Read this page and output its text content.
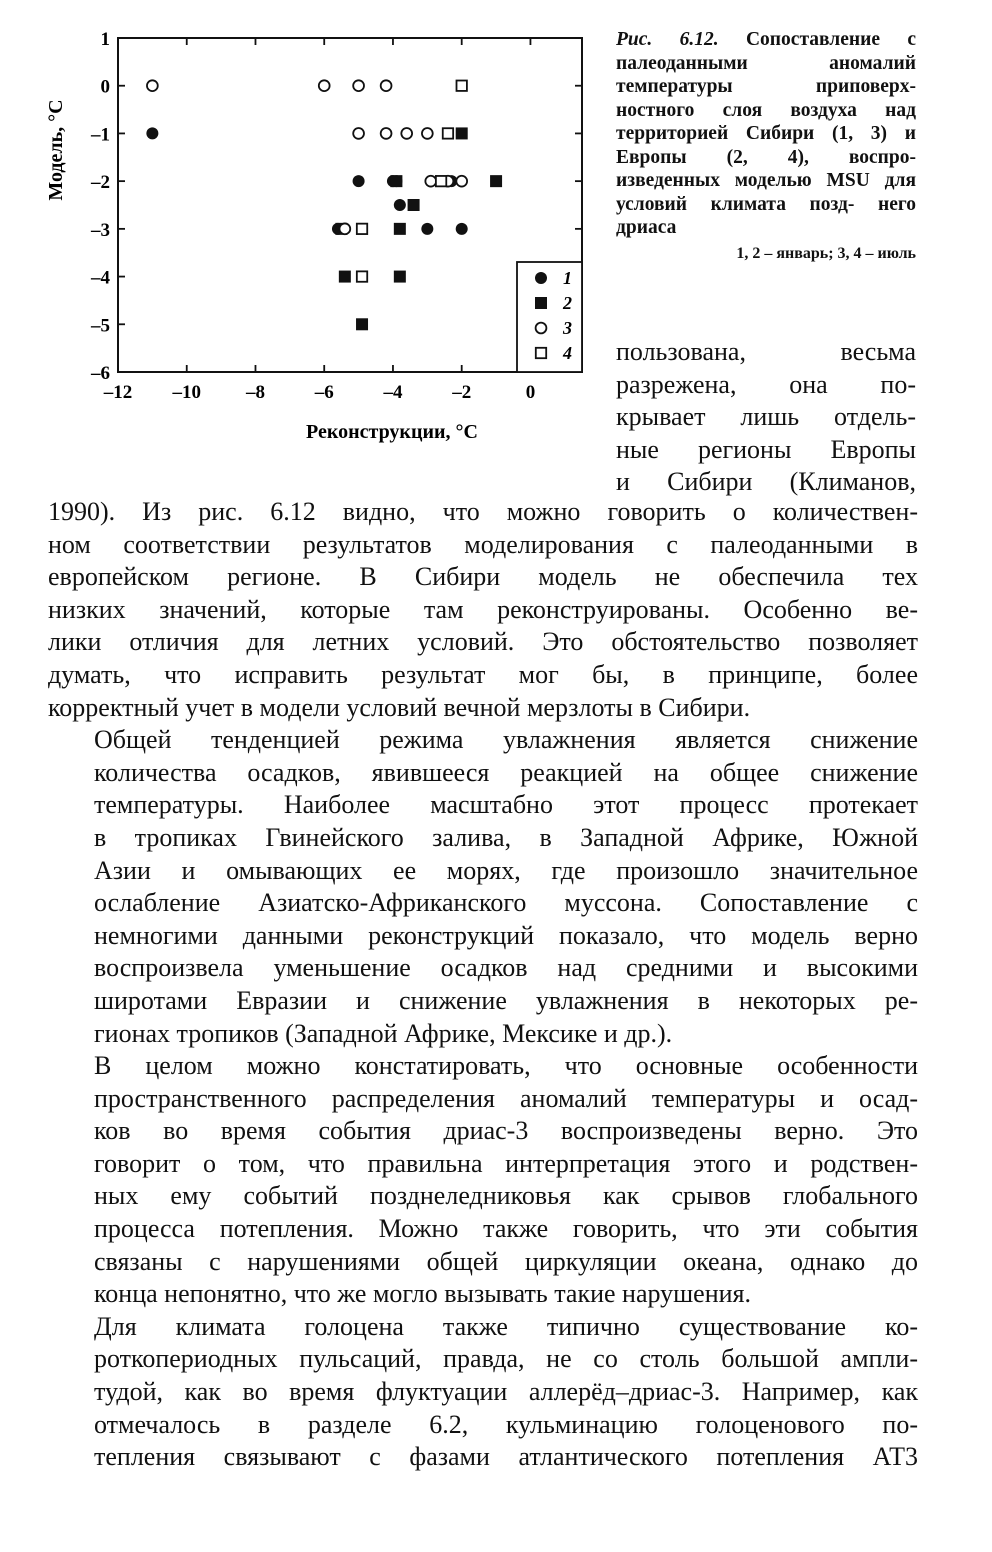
–12 –10 –8	–6	–4	–2	0
1
0
–1
–2
–3
–4
–5
–6
1
2
3
4
Реконструкции, °С
Модель, °С
Рис. 6.12. Сопоставление с палеоданными аномалий температуры приповерх- ностного слоя воздуха над территорией Сибири (1, 3) и Европы (2, 4), воспро- изведенных моделью MSU для условий климата позд- него дриаса
1, 2 – январь; 3, 4 – июль
пользована, весьма
разрежена, она по-
крывает лишь отдель-
ные регионы Европы
и Сибири (Климанов,

1990). Из рис. 6.12 видно, что можно говорить о количествен-
ном соответствии результатов моделирования с палеоданными в
европейском регионе. В Сибири модель не обеспечила тех
низких значений, которые там реконструированы. Особенно ве-
лики отличия для летних условий. Это обстоятельство позволяет
думать, что исправить результат мог бы, в принципе, более
корректный учет в модели условий вечной мерзлоты в Сибири.

Общей тенденцией режима увлажнения является снижение
количества осадков, явившееся реакцией на общее снижение
температуры. Наиболее масштабно этот процесс протекает
в тропиках Гвинейского залива, в Западной Африке, Южной
Азии и омывающих ее морях, где произошло значительное
ослабление Азиатско-Африканского муссона. Сопоставление с
немногими данными реконструкций показало, что модель верно
воспроизвела уменьшение осадков над средними и высокими
широтами Евразии и снижение увлажнения в некоторых ре-
гионах тропиков (Западной Африке, Мексике и др.).

В целом можно констатировать, что основные особенности
пространственного распределения аномалий температуры и осад-
ков во время события дриас-3 воспроизведены верно. Это
говорит о том, что правильна интерпретация этого и родствен-
ных ему событий позднеледниковья как срывов глобального
процесса потепления. Можно также говорить, что эти события
связаны с нарушениями общей циркуляции океана, однако до
конца непонятно, что же могло вызывать такие нарушения.

Для климата голоцена также типично существование ко-
роткопериодных пульсаций, правда, не со столь большой ампли-
тудой, как во время флуктуации аллерёд–дриас-3. Например, как
отмечалось в разделе 6.2, кульминацию голоценового по-
тепления связывают с фазами атлантического потепления АТ3
